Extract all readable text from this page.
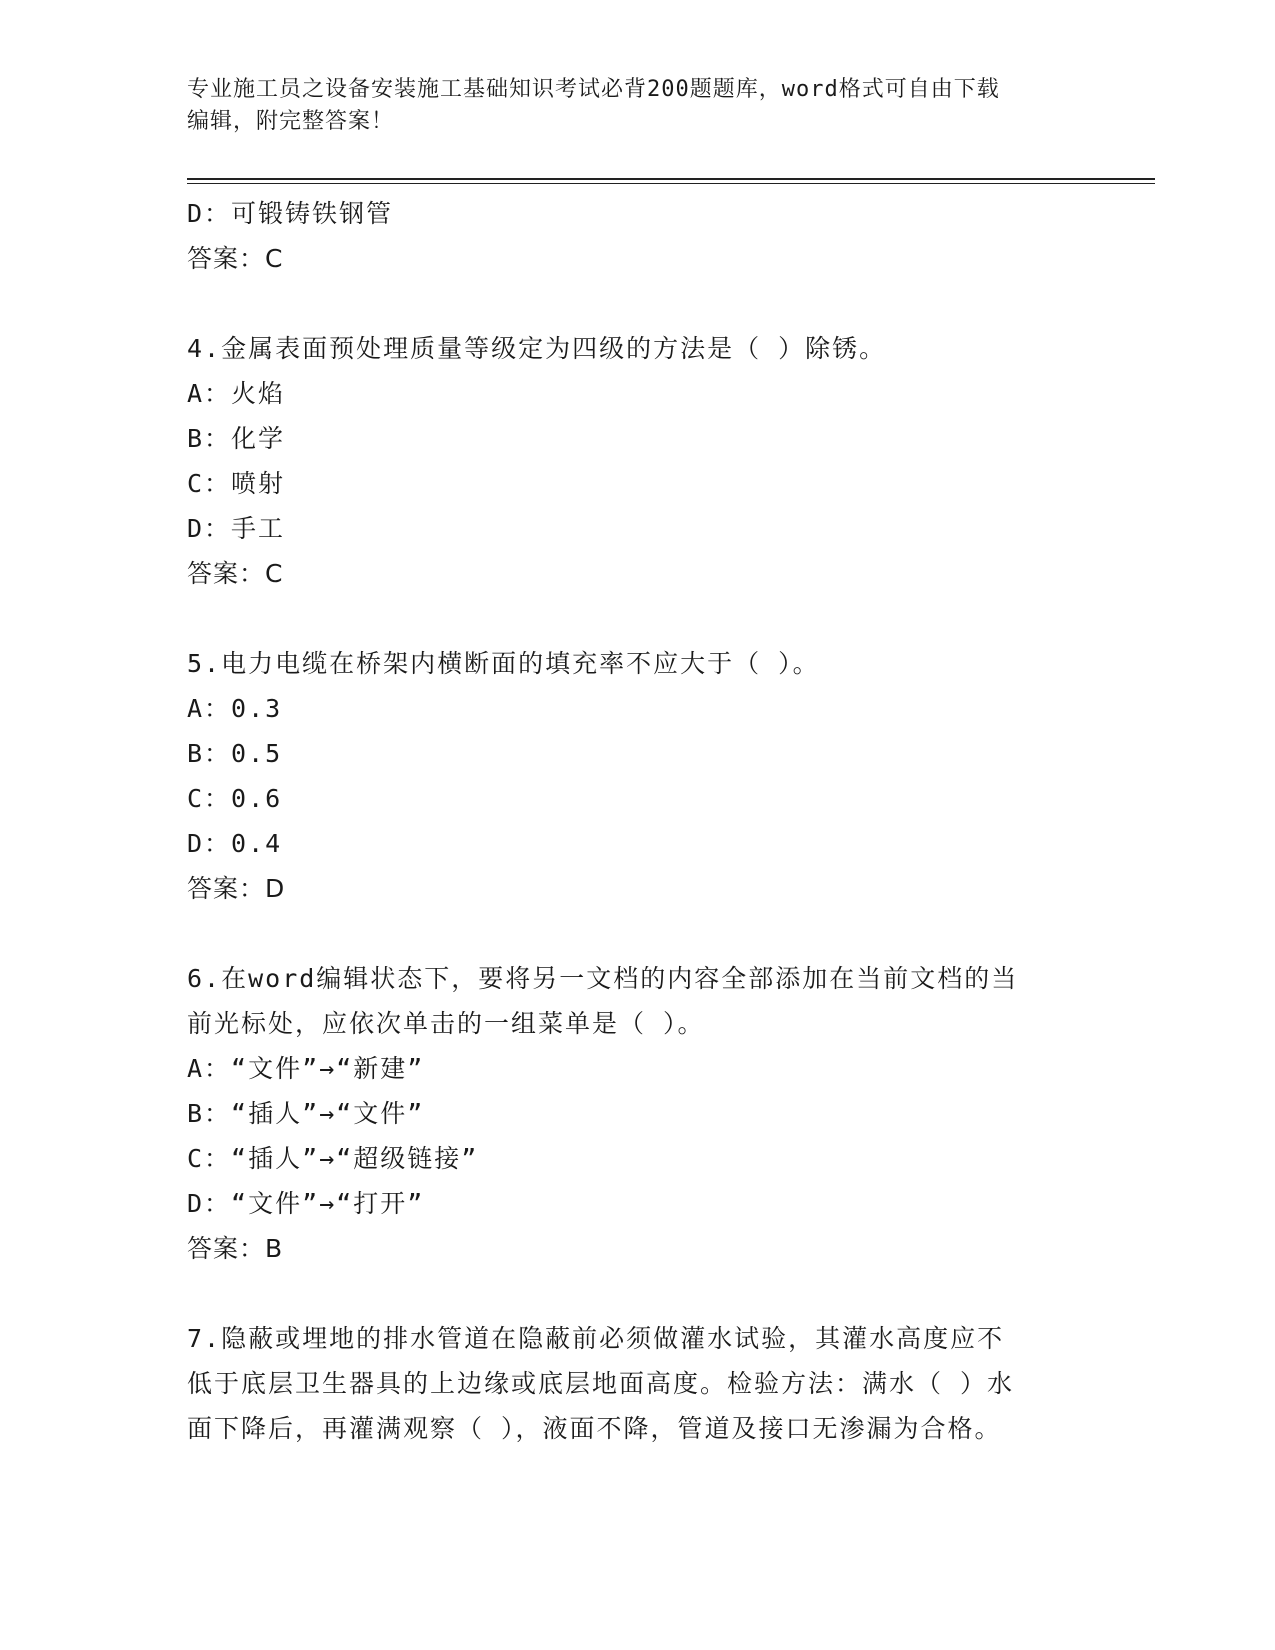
专业施工员之设备安装施工基础知识考试必背200题题库，word格式可自由下载
编辑，附完整答案！
D：可锻铸铁钢管
答案：C
4.金属表面预处理质量等级定为四级的方法是（ ）除锈。
A：火焰
B：化学
C：喷射
D：手工
答案：C
5.电力电缆在桥架内横断面的填充率不应大于（ ）。
A：0.3
B：0.5
C：0.6
D：0.4
答案：D
6.在word编辑状态下，要将另一文档的内容全部添加在当前文档的当
前光标处，应依次单击的一组菜单是（ ）。
A：“文件”→“新建”
B：“插人”→“文件”
C：“插人”→“超级链接”
D：“文件”→“打开”
答案：B
7.隐蔽或埋地的排水管道在隐蔽前必须做灌水试验，其灌水高度应不
低于底层卫生器具的上边缘或底层地面高度。检验方法：满水（ ）水
面下降后，再灌满观察（ ），液面不降，管道及接口无渗漏为合格。
